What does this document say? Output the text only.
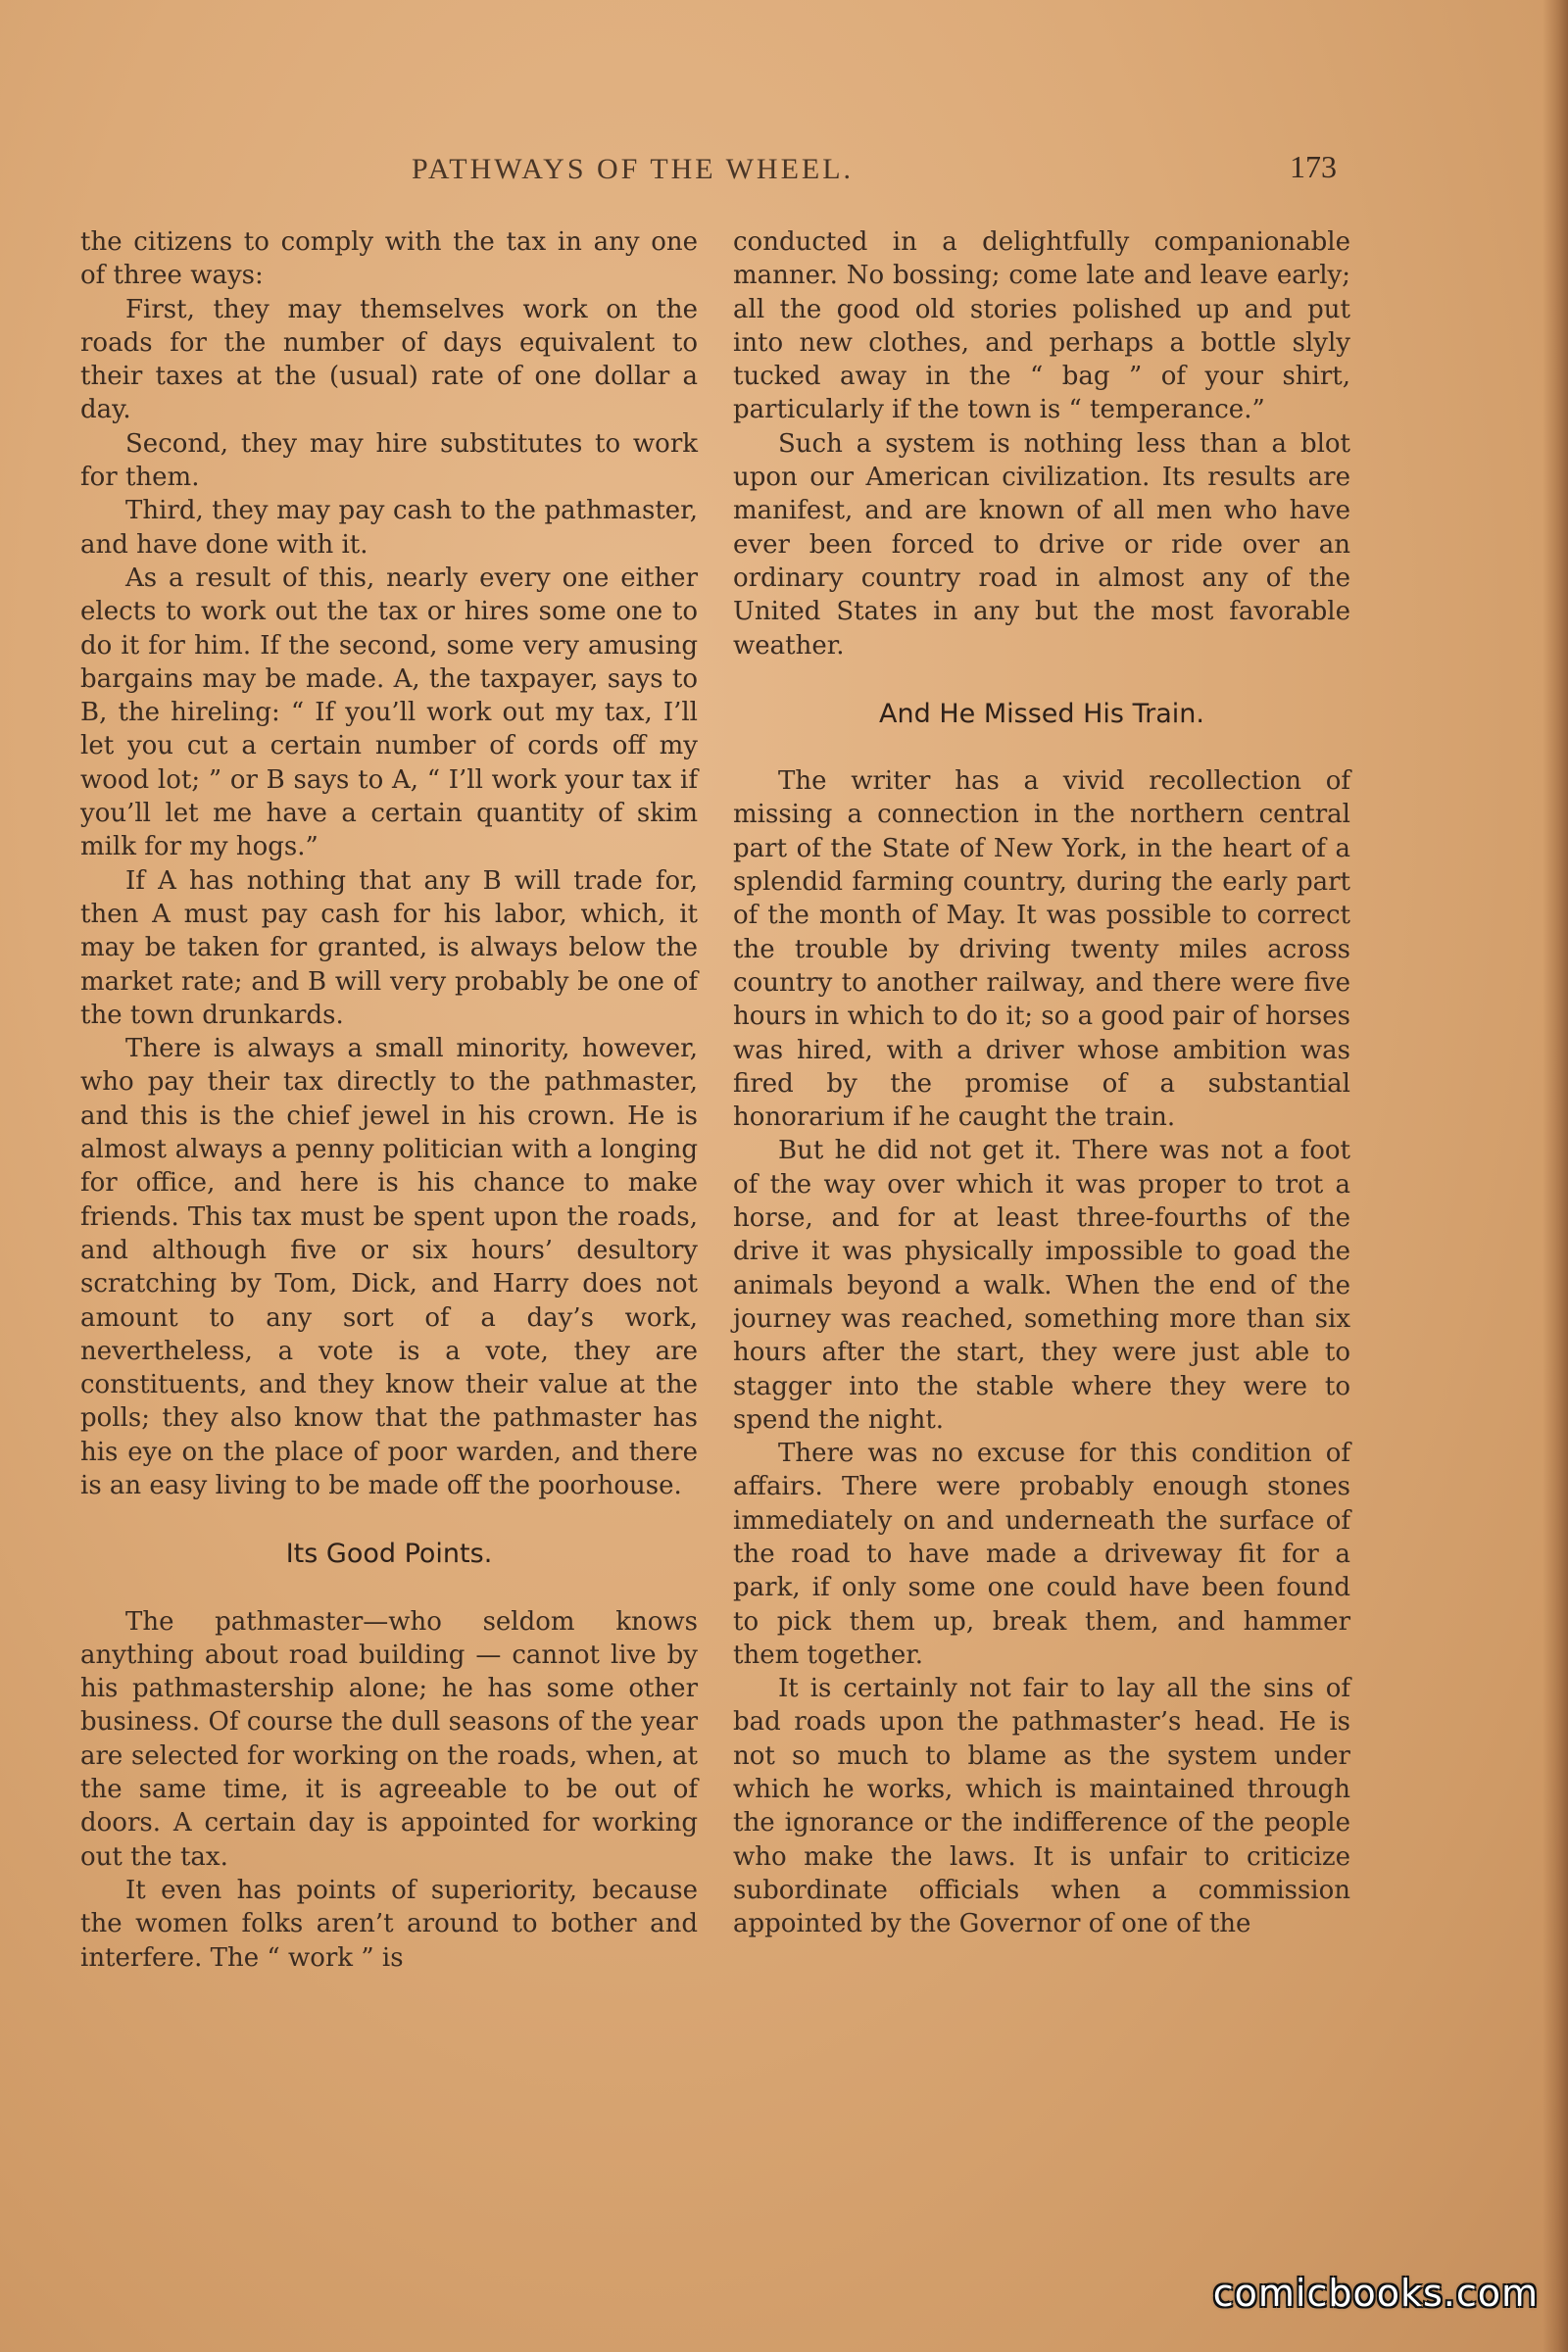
PATHWAYS OF THE WHEEL.	173

the citizens to comply with the tax in any one of three ways:

First, they may themselves work on the roads for the number of days equivalent to their taxes at the (usual) rate of one dollar a day.

Second, they may hire substitutes to work for them.

Third, they may pay cash to the pathmaster, and have done with it.

As a result of this, nearly every one either elects to work out the tax or hires some one to do it for him. If the second, some very amusing bargains may be made. A, the taxpayer, says to B, the hireling: “ If you’ll work out my tax, I’ll let you cut a certain number of cords off my wood lot; ” or B says to A, “ I’ll work your tax if you’ll let me have a certain quantity of skim milk for my hogs.”

If A has nothing that any B will trade for, then A must pay cash for his labor, which, it may be taken for granted, is always below the market rate; and B will very probably be one of the town drunkards.

There is always a small minority, however, who pay their tax directly to the pathmaster, and this is the chief jewel in his crown. He is almost always a penny politician with a longing for office, and here is his chance to make friends. This tax must be spent upon the roads, and although five or six hours’ desultory scratching by Tom, Dick, and Harry does not amount to any sort of a day’s work, nevertheless, a vote is a vote, they are constituents, and they know their value at the polls; they also know that the pathmaster has his eye on the place of poor warden, and there is an easy living to be made off the poorhouse.

Its Good Points.

The pathmaster—who seldom knows anything about road building — cannot live by his pathmastership alone; he has some other business. Of course the dull seasons of the year are selected for working on the roads, when, at the same time, it is agreeable to be out of doors. A certain day is appointed for working out the tax.

It even has points of superiority, because the women folks aren’t around to bother and interfere. The “ work ” is

conducted in a delightfully companionable manner. No bossing; come late and leave early; all the good old stories polished up and put into new clothes, and perhaps a bottle slyly tucked away in the “ bag ” of your shirt, particularly if the town is “ temperance.”

Such a system is nothing less than a blot upon our American civilization. Its results are manifest, and are known of all men who have ever been forced to drive or ride over an ordinary country road in almost any of the United States in any but the most favorable weather.

And He Missed His Train.

The writer has a vivid recollection of missing a connection in the northern central part of the State of New York, in the heart of a splendid farming country, during the early part of the month of May. It was possible to correct the trouble by driving twenty miles across country to another railway, and there were five hours in which to do it; so a good pair of horses was hired, with a driver whose ambition was fired by the promise of a substantial honorarium if he caught the train.

But he did not get it. There was not a foot of the way over which it was proper to trot a horse, and for at least three-fourths of the drive it was physically impossible to goad the animals beyond a walk. When the end of the journey was reached, something more than six hours after the start, they were just able to stagger into the stable where they were to spend the night.

There was no excuse for this condition of affairs. There were probably enough stones immediately on and underneath the surface of the road to have made a driveway fit for a park, if only some one could have been found to pick them up, break them, and hammer them together.

It is certainly not fair to lay all the sins of bad roads upon the pathmaster’s head. He is not so much to blame as the system under which he works, which is maintained through the ignorance or the indifference of the people who make the laws. It is unfair to criticize subordinate officials when a commission appointed by the Governor of one of the

comicbooks.com
